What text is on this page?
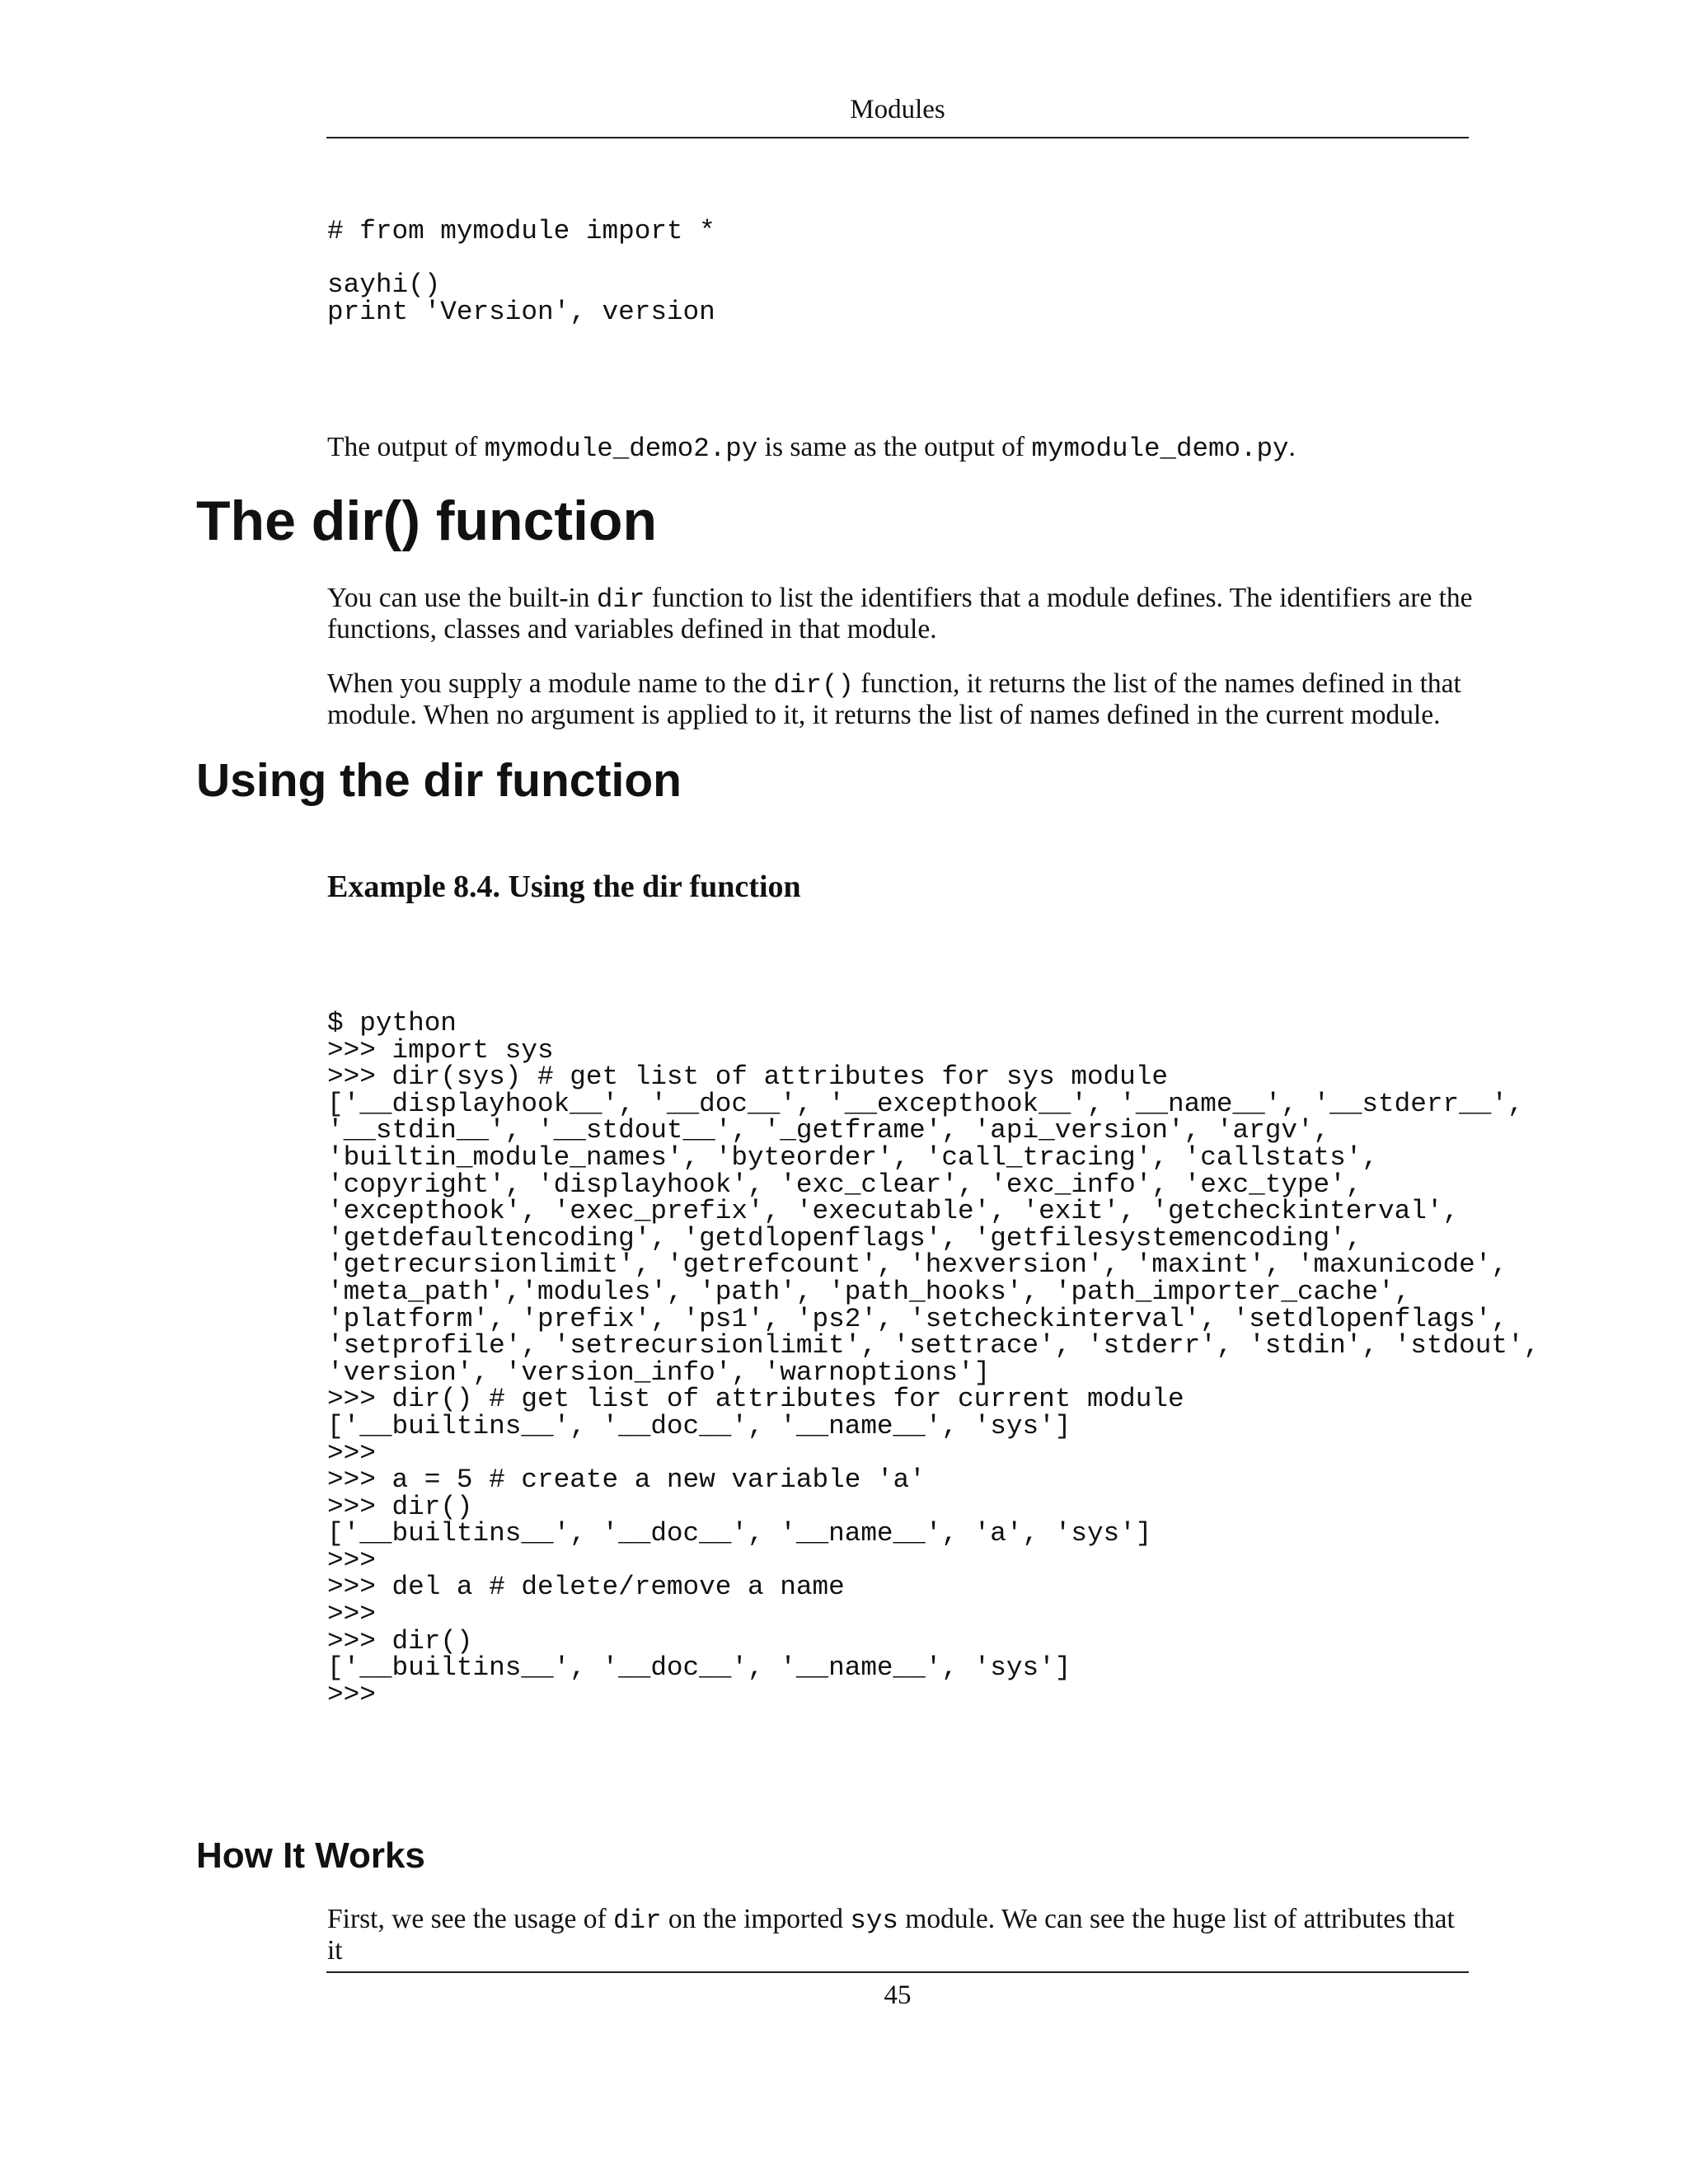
Modules
# from mymodule import *

sayhi()
print 'Version', version

The output of mymodule_demo2.py is same as the output of mymodule_demo.py.

The dir() function

You can use the built-in dir function to list the identifiers that a module defines. The identifiers are the functions, classes and variables defined in that module.

When you supply a module name to the dir() function, it returns the list of the names defined in that module. When no argument is applied to it, it returns the list of names defined in the current module.

Using the dir function
Example 8.4. Using the dir function
$ python
>>> import sys
>>> dir(sys) # get list of attributes for sys module
['__displayhook__', '__doc__', '__excepthook__', '__name__', '__stderr__',
'__stdin__', '__stdout__', '_getframe', 'api_version', 'argv',
'builtin_module_names', 'byteorder', 'call_tracing', 'callstats',
'copyright', 'displayhook', 'exc_clear', 'exc_info', 'exc_type',
'excepthook', 'exec_prefix', 'executable', 'exit', 'getcheckinterval',
'getdefaultencoding', 'getdlopenflags', 'getfilesystemencoding',
'getrecursionlimit', 'getrefcount', 'hexversion', 'maxint', 'maxunicode',
'meta_path','modules', 'path', 'path_hooks', 'path_importer_cache',
'platform', 'prefix', 'ps1', 'ps2', 'setcheckinterval', 'setdlopenflags',
'setprofile', 'setrecursionlimit', 'settrace', 'stderr', 'stdin', 'stdout',
'version', 'version_info', 'warnoptions']
>>> dir() # get list of attributes for current module
['__builtins__', '__doc__', '__name__', 'sys']
>>>
>>> a = 5 # create a new variable 'a'
>>> dir()
['__builtins__', '__doc__', '__name__', 'a', 'sys']
>>>
>>> del a # delete/remove a name
>>>
>>> dir()
['__builtins__', '__doc__', '__name__', 'sys']
>>>
How It Works

First, we see the usage of dir on the imported sys module. We can see the huge list of attributes that it

45
